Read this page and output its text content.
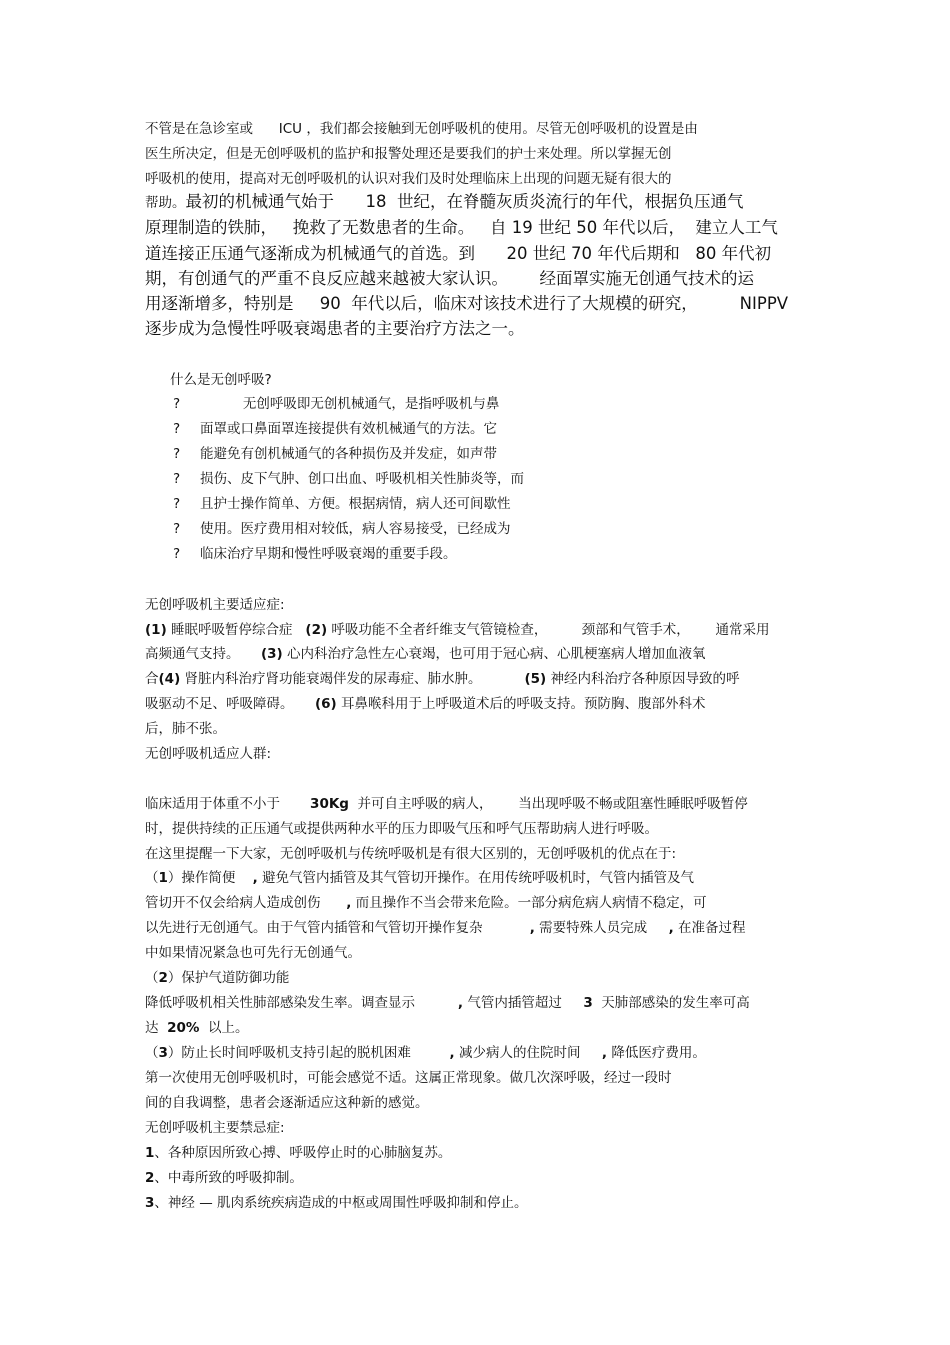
不管是在急诊室或      ICU ，我们都会接触到无创呼吸机的使用。尽管无创呼吸机的设置是由
医生所决定，但是无创呼吸机的监护和报警处理还是要我们的护士来处理。所以掌握无创
呼吸机的使用，提高对无创呼吸机的认识对我们及时处理临床上出现的问题无疑有很大的
帮助。最初的机械通气始于      18  世纪，在脊髓灰质炎流行的年代，根据负压通气
原理制造的铁肺，   挽救了无数患者的生命。   自 19 世纪 50 年代以后，  建立人工气
道连接正压通气逐渐成为机械通气的首选。到      20 世纪 70 年代后期和   80 年代初
期，有创通气的严重不良反应越来越被大家认识。      经面罩实施无创通气技术的运
用逐渐增多，特别是     90  年代以后，临床对该技术进行了大规模的研究，        NIPPV
逐步成为急慢性呼吸衰竭患者的主要治疗方法之一。
什么是无创呼吸?
? 无创呼吸即无创机械通气，是指呼吸机与鼻
? 面罩或口鼻面罩连接提供有效机械通气的方法。它
? 能避免有创机械通气的各种损伤及并发症，如声带
? 损伤、皮下气肿、创口出血、呼吸机相关性肺炎等，而
? 且护士操作简单、方便。根据病情，病人还可间歇性
? 使用。医疗费用相对较低，病人容易接受，已经成为
? 临床治疗早期和慢性呼吸衰竭的重要手段。
无创呼吸机主要适应症:
(1) 睡眠呼吸暂停综合症   (2) 呼吸功能不全者纤维支气管镜检查，        颈部和气管手术，      通常采用
高频通气支持。     (3) 心内科治疗急性左心衰竭，也可用于冠心病、心肌梗塞病人增加血液氧
合(4) 肾脏内科治疗肾功能衰竭伴发的尿毒症、肺水肿。          (5) 神经内科治疗各种原因导致的呼
吸驱动不足、呼吸障碍。     (6) 耳鼻喉科用于上呼吸道术后的呼吸支持。预防胸、腹部外科术
后，肺不张。
无创呼吸机适应人群:
临床适用于体重不小于       30Kg  并可自主呼吸的病人，      当出现呼吸不畅或阻塞性睡眠呼吸暂停
时，提供持续的正压通气或提供两种水平的压力即吸气压和呼气压帮助病人进行呼吸。
在这里提醒一下大家，无创呼吸机与传统呼吸机是有很大区别的，无创呼吸机的优点在于:
（1）操作简便    , 避免气管内插管及其气管切开操作。在用传统呼吸机时，气管内插管及气
管切开不仅会给病人造成创伤      , 而且操作不当会带来危险。一部分病危病人病情不稳定，可
以先进行无创通气。由于气管内插管和气管切开操作复杂           , 需要特殊人员完成     , 在准备过程
中如果情况紧急也可先行无创通气。
（2）保护气道防御功能
降低呼吸机相关性肺部感染发生率。调查显示          , 气管内插管超过     3  天肺部感染的发生率可高
达  20%  以上。
（3）防止长时间呼吸机支持引起的脱机困难         , 减少病人的住院时间     , 降低医疗费用。
第一次使用无创呼吸机时，可能会感觉不适。这属正常现象。做几次深呼吸，经过一段时
间的自我调整，患者会逐渐适应这种新的感觉。
无创呼吸机主要禁忌症:
1、各种原因所致心搏、呼吸停止时的心肺脑复苏。
2、中毒所致的呼吸抑制。
3、神经 — 肌肉系统疾病造成的中枢或周围性呼吸抑制和停止。
